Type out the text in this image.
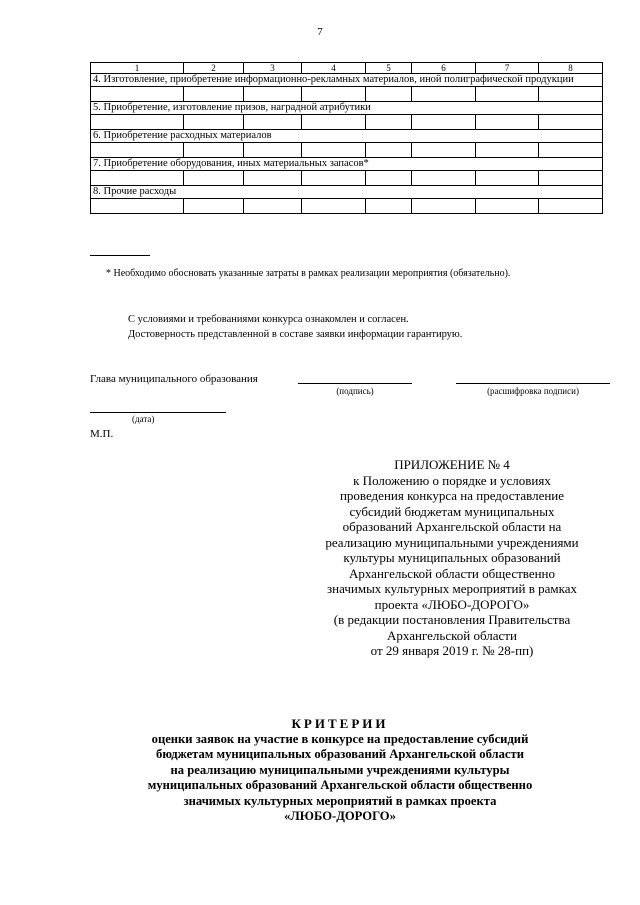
7
1	2	3	4	5	6	7	8
4. Изготовление, приобретение информационно-рекламных материалов, иной полиграфической продукции							

5. Приобретение, изготовление призов, наградной атрибутики							

6. Приобретение расходных материалов							

7. Приобретение оборудования, иных материальных запасов*							

8. Прочие расходы							

* Необходимо обосновать указанные затраты в рамках реализации мероприятия (обязательно).
С условиями и требованиями конкурса ознакомлен и согласен.
Достоверность представленной в составе заявки информации гарантирую.
Глава муниципального образования
(подпись)	(расшифровка подписи)
(дата)
М.П.
ПРИЛОЖЕНИЕ № 4
к Положению о порядке и условиях
проведения конкурса на предоставление
субсидий бюджетам муниципальных
образований Архангельской области на
реализацию муниципальными учреждениями
культуры муниципальных образований
Архангельской области общественно
значимых культурных мероприятий в рамках
проекта «ЛЮБО-ДОРОГО»
(в редакции постановления Правительства
Архангельской области
от 29 января 2019 г. № 28-пп)
КРИТЕРИИ
оценки заявок на участие в конкурсе на предоставление субсидий
бюджетам муниципальных образований Архангельской области
на реализацию муниципальными учреждениями культуры
муниципальных образований Архангельской области общественно
значимых культурных мероприятий в рамках проекта
«ЛЮБО-ДОРОГО»
